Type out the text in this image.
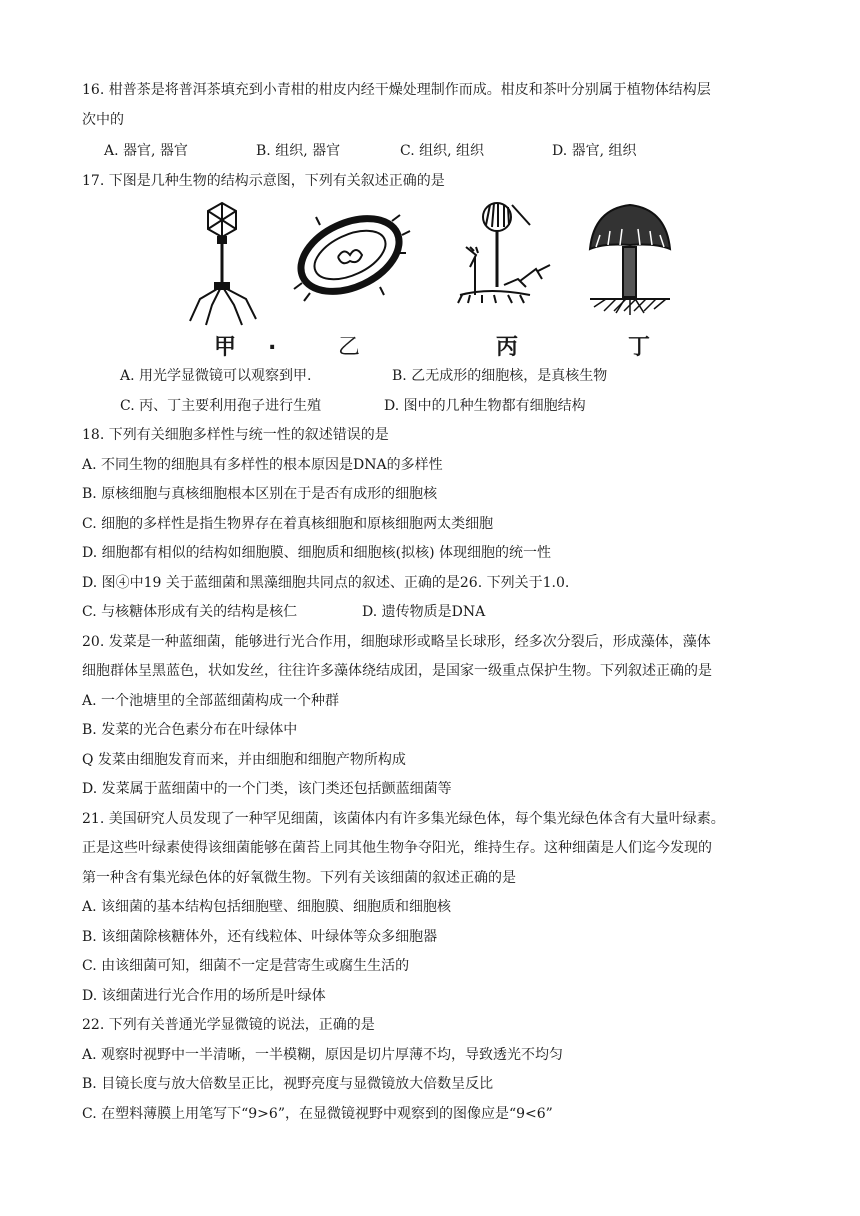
16. 柑普茶是将普洱茶填充到小青柑的柑皮内经干燥处理制作而成。柑皮和茶叶分别属于植物体结构层
次中的
A. 器官, 器官	B. 组织, 器官	C. 组织, 组织	D. 器官, 组织
17. 下图是几种生物的结构示意图，下列有关叙述正确的是
甲 .	乙	丙	丁
A. 用光学显微镜可以观察到甲.	B. 乙无成形的细胞核，是真核生物
C. 丙、丁主要利用孢子进行生殖	D. 图中的几种生物都有细胞结构
18. 下列有关细胞多样性与统一性的叙述错误的是
A. 不同生物的细胞具有多样性的根本原因是DNA的多样性
B. 原核细胞与真核细胞根本区别在于是否有成形的细胞核
C. 细胞的多样性是指生物界存在着真核细胞和原核细胞两太类细胞
D. 细胞都有相似的结构如细胞膜、细胞质和细胞核(拟核) 体现细胞的统一性
D. 图④中19 关于蓝细菌和黑藻细胞共同点的叙述、正确的是26. 下列关于1.0.
C. 与核糖体形成有关的结构是核仁	D. 遗传物质是DNA
20. 发菜是一种蓝细菌，能够进行光合作用，细胞球形或略呈长球形，经多次分裂后，形成藻体，藻体
细胞群体呈黑蓝色，状如发丝，往往许多藻体绕结成团，是国家一级重点保护生物。下列叙述正确的是
A. 一个池塘里的全部蓝细菌构成一个种群
B. 发菜的光合色素分布在叶绿体中
Q 发菜由细胞发育而来，并由细胞和细胞产物所构成
D. 发菜属于蓝细菌中的一个门类，该门类还包括颤蓝细菌等
21. 美国研究人员发现了一种罕见细菌，该菌体内有许多集光绿色体，每个集光绿色体含有大量叶绿素。
正是这些叶绿素使得该细菌能够在菌苔上同其他生物争夺阳光，维持生存。这种细菌是人们迄今发现的
第一种含有集光绿色体的好氧微生物。下列有关该细菌的叙述正确的是
A. 该细菌的基本结构包括细胞壁、细胞膜、细胞质和细胞核
B. 该细菌除核糖体外，还有线粒体、叶绿体等众多细胞器
C. 由该细菌可知，细菌不一定是营寄生或腐生生活的
D. 该细菌进行光合作用的场所是叶绿体
22. 下列有关普通光学显微镜的说法，正确的是
A. 观察时视野中一半清晰，一半模糊，原因是切片厚薄不均，导致透光不均匀
B. 目镜长度与放大倍数呈正比，视野亮度与显微镜放大倍数呈反比
C. 在塑料薄膜上用笔写下“9>6”，在显微镜视野中观察到的图像应是“9<6”
